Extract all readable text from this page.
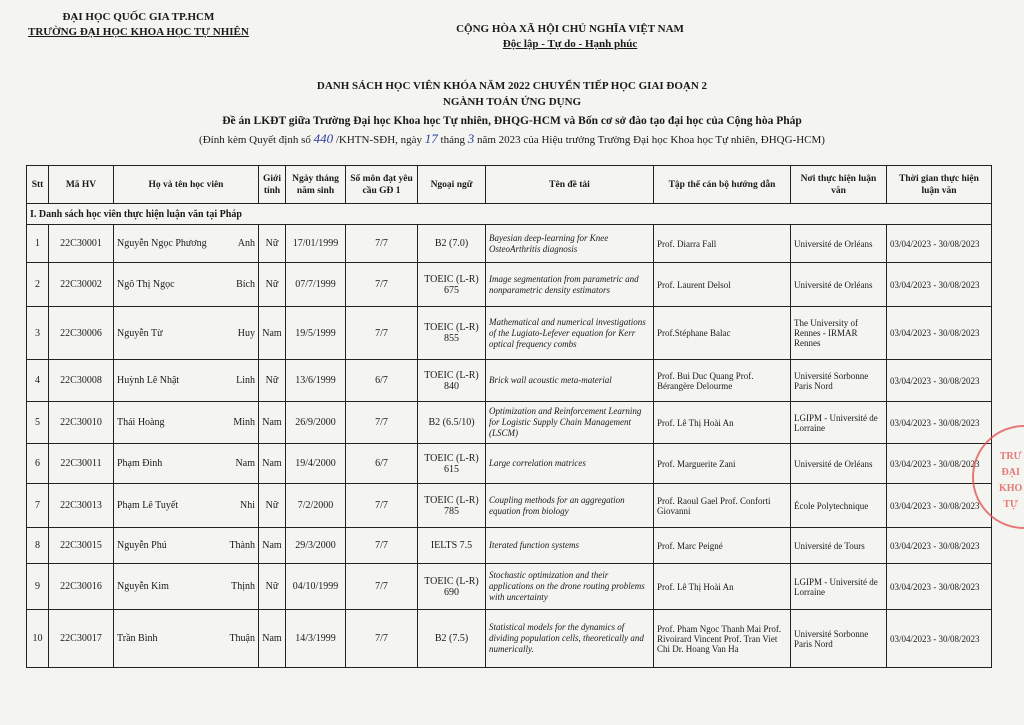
ĐẠI HỌC QUỐC GIA TP.HCM
TRƯỜNG ĐẠI HỌC KHOA HỌC TỰ NHIÊN	CỘNG HÒA XÃ HỘI CHỦ NGHĨA VIỆT NAM
Độc lập - Tự do - Hạnh phúc
DANH SÁCH HỌC VIÊN KHÓA NĂM 2022 CHUYỂN TIẾP HỌC GIAI ĐOẠN 2
NGÀNH TOÁN ỨNG DỤNG
Đề án LKĐT giữa Trường Đại học Khoa học Tự nhiên, ĐHQG-HCM và Bốn cơ sở đào tạo đại học của Cộng hòa Pháp
(Đính kèm Quyết định số 440 /KHTN-SĐH, ngày 17 tháng 3 năm 2023 của Hiệu trưởng Trường Đại học Khoa học Tự nhiên, ĐHQG-HCM)
Stt	Mã HV	Họ và tên học viên	Giới tính	Ngày tháng năm sinh	Số môn đạt yêu cầu GĐ 1	Ngoại ngữ	Tên đề tài	Tập thể cán bộ hướng dẫn	Nơi thực hiện luận văn	Thời gian thực hiện luận văn
I. Danh sách học viên thực hiện luận văn tại Pháp										
1	22C30001	Nguyễn Ngọc Phương Anh	Nữ	17/01/1999	7/7	B2 (7.0)	Bayesian deep-learning for Knee OsteoArthritis diagnosis	Prof. Diarra Fall	Université de Orléans	03/04/2023 - 30/08/2023
2	22C30002	Ngô Thị Ngọc Bích	Nữ	07/7/1999	7/7	TOEIC (L-R) 675	Image segmentation from parametric and nonparametric density estimators	Prof. Laurent Delsol	Université de Orléans	03/04/2023 - 30/08/2023
3	22C30006	Nguyễn Từ Huy	Nam	19/5/1999	7/7	TOEIC (L-R) 855	Mathematical and numerical investigations of the Lugiato-Lefever equation for Kerr optical frequency combs	Prof.Stéphane Balac	The University of Rennes - IRMAR Rennes	03/04/2023 - 30/08/2023
4	22C30008	Huỳnh Lê Nhật Linh	Nữ	13/6/1999	6/7	TOEIC (L-R) 840	Brick wall acoustic meta-material	Prof. Bui Duc Quang Prof. Bérangère Delourme	Université Sorbonne Paris Nord	03/04/2023 - 30/08/2023
5	22C30010	Thái Hoàng Minh	Nam	26/9/2000	7/7	B2 (6.5/10)	Optimization and Reinforcement Learning for Logistic Supply Chain Management (LSCM)	Prof. Lê Thị Hoài An	LGIPM - Université de Lorraine	03/04/2023 - 30/08/2023
6	22C30011	Phạm Đình Nam	Nam	19/4/2000	6/7	TOEIC (L-R) 615	Large correlation matrices	Prof. Marguerite Zani	Université de Orléans	03/04/2023 - 30/08/2023
7	22C30013	Phạm Lê Tuyết Nhi	Nữ	7/2/2000	7/7	TOEIC (L-R) 785	Coupling methods for an aggregation equation from biology	Prof. Raoul Gael Prof. Conforti Giovanni	École Polytechnique	03/04/2023 - 30/08/2023
8	22C30015	Nguyễn Phú Thành	Nam	29/3/2000	7/7	IELTS 7.5	Iterated function systems	Prof. Marc Peigné	Université de Tours	03/04/2023 - 30/08/2023
9	22C30016	Nguyễn Kim Thịnh	Nữ	04/10/1999	7/7	TOEIC (L-R) 690	Stochastic optimization and their applications on the drone routing problems with uncertainty	Prof. Lê Thị Hoài An	LGIPM - Université de Lorraine	03/04/2023 - 30/08/2023
10	22C30017	Trần Bình Thuận	Nam	14/3/1999	7/7	B2 (7.5)	Statistical models for the dynamics of dividing population cells, theoretically and numerically.	Prof. Pham Ngoc Thanh Mai Prof. Rivoirard Vincent Prof. Tran Viet Chi Dr. Hoang Van Ha	Université Sorbonne Paris Nord	03/04/2023 - 30/08/2023
TRƯ
ĐẠI
KHO
TỰ
